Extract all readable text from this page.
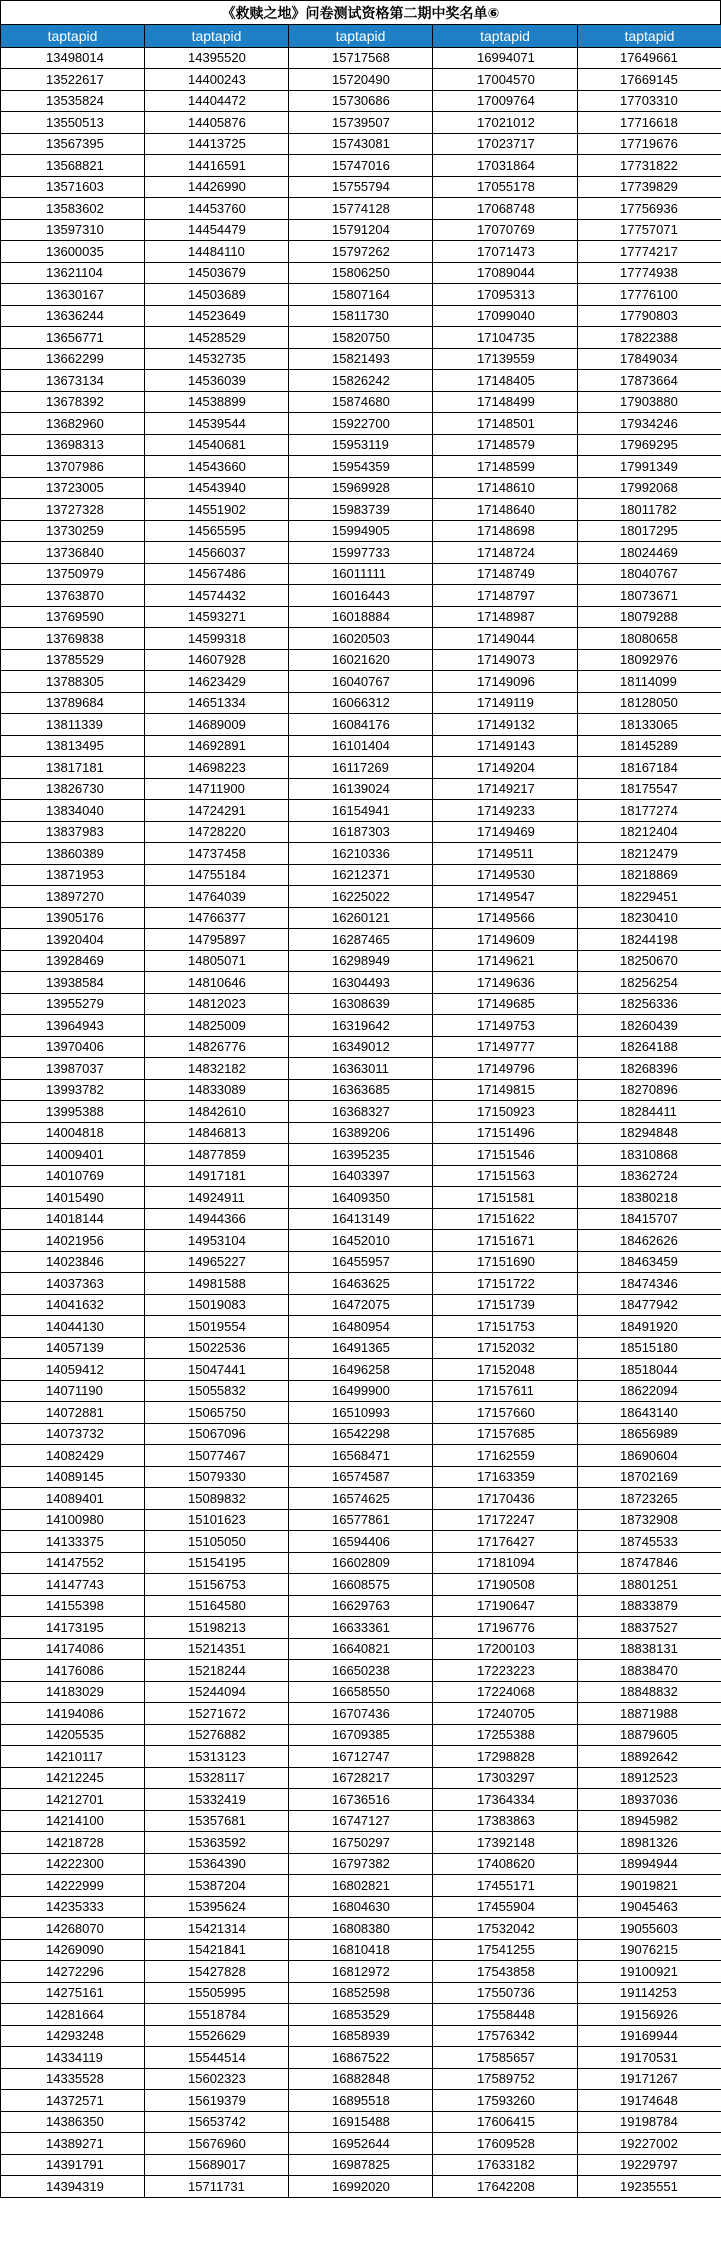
《救赎之地》问卷测试资格第二期中奖名单⑥
taptapid	taptapid	taptapid	taptapid	taptapid
13498014	14395520	15717568	16994071	17649661
13522617	14400243	15720490	17004570	17669145
13535824	14404472	15730686	17009764	17703310
13550513	14405876	15739507	17021012	17716618
13567395	14413725	15743081	17023717	17719676
13568821	14416591	15747016	17031864	17731822
13571603	14426990	15755794	17055178	17739829
13583602	14453760	15774128	17068748	17756936
13597310	14454479	15791204	17070769	17757071
13600035	14484110	15797262	17071473	17774217
13621104	14503679	15806250	17089044	17774938
13630167	14503689	15807164	17095313	17776100
13636244	14523649	15811730	17099040	17790803
13656771	14528529	15820750	17104735	17822388
13662299	14532735	15821493	17139559	17849034
13673134	14536039	15826242	17148405	17873664
13678392	14538899	15874680	17148499	17903880
13682960	14539544	15922700	17148501	17934246
13698313	14540681	15953119	17148579	17969295
13707986	14543660	15954359	17148599	17991349
13723005	14543940	15969928	17148610	17992068
13727328	14551902	15983739	17148640	18011782
13730259	14565595	15994905	17148698	18017295
13736840	14566037	15997733	17148724	18024469
13750979	14567486	16011111	17148749	18040767
13763870	14574432	16016443	17148797	18073671
13769590	14593271	16018884	17148987	18079288
13769838	14599318	16020503	17149044	18080658
13785529	14607928	16021620	17149073	18092976
13788305	14623429	16040767	17149096	18114099
13789684	14651334	16066312	17149119	18128050
13811339	14689009	16084176	17149132	18133065
13813495	14692891	16101404	17149143	18145289
13817181	14698223	16117269	17149204	18167184
13826730	14711900	16139024	17149217	18175547
13834040	14724291	16154941	17149233	18177274
13837983	14728220	16187303	17149469	18212404
13860389	14737458	16210336	17149511	18212479
13871953	14755184	16212371	17149530	18218869
13897270	14764039	16225022	17149547	18229451
13905176	14766377	16260121	17149566	18230410
13920404	14795897	16287465	17149609	18244198
13928469	14805071	16298949	17149621	18250670
13938584	14810646	16304493	17149636	18256254
13955279	14812023	16308639	17149685	18256336
13964943	14825009	16319642	17149753	18260439
13970406	14826776	16349012	17149777	18264188
13987037	14832182	16363011	17149796	18268396
13993782	14833089	16363685	17149815	18270896
13995388	14842610	16368327	17150923	18284411
14004818	14846813	16389206	17151496	18294848
14009401	14877859	16395235	17151546	18310868
14010769	14917181	16403397	17151563	18362724
14015490	14924911	16409350	17151581	18380218
14018144	14944366	16413149	17151622	18415707
14021956	14953104	16452010	17151671	18462626
14023846	14965227	16455957	17151690	18463459
14037363	14981588	16463625	17151722	18474346
14041632	15019083	16472075	17151739	18477942
14044130	15019554	16480954	17151753	18491920
14057139	15022536	16491365	17152032	18515180
14059412	15047441	16496258	17152048	18518044
14071190	15055832	16499900	17157611	18622094
14072881	15065750	16510993	17157660	18643140
14073732	15067096	16542298	17157685	18656989
14082429	15077467	16568471	17162559	18690604
14089145	15079330	16574587	17163359	18702169
14089401	15089832	16574625	17170436	18723265
14100980	15101623	16577861	17172247	18732908
14133375	15105050	16594406	17176427	18745533
14147552	15154195	16602809	17181094	18747846
14147743	15156753	16608575	17190508	18801251
14155398	15164580	16629763	17190647	18833879
14173195	15198213	16633361	17196776	18837527
14174086	15214351	16640821	17200103	18838131
14176086	15218244	16650238	17223223	18838470
14183029	15244094	16658550	17224068	18848832
14194086	15271672	16707436	17240705	18871988
14205535	15276882	16709385	17255388	18879605
14210117	15313123	16712747	17298828	18892642
14212245	15328117	16728217	17303297	18912523
14212701	15332419	16736516	17364334	18937036
14214100	15357681	16747127	17383863	18945982
14218728	15363592	16750297	17392148	18981326
14222300	15364390	16797382	17408620	18994944
14222999	15387204	16802821	17455171	19019821
14235333	15395624	16804630	17455904	19045463
14268070	15421314	16808380	17532042	19055603
14269090	15421841	16810418	17541255	19076215
14272296	15427828	16812972	17543858	19100921
14275161	15505995	16852598	17550736	19114253
14281664	15518784	16853529	17558448	19156926
14293248	15526629	16858939	17576342	19169944
14334119	15544514	16867522	17585657	19170531
14335528	15602323	16882848	17589752	19171267
14372571	15619379	16895518	17593260	19174648
14386350	15653742	16915488	17606415	19198784
14389271	15676960	16952644	17609528	19227002
14391791	15689017	16987825	17633182	19229797
14394319	15711731	16992020	17642208	19235551
